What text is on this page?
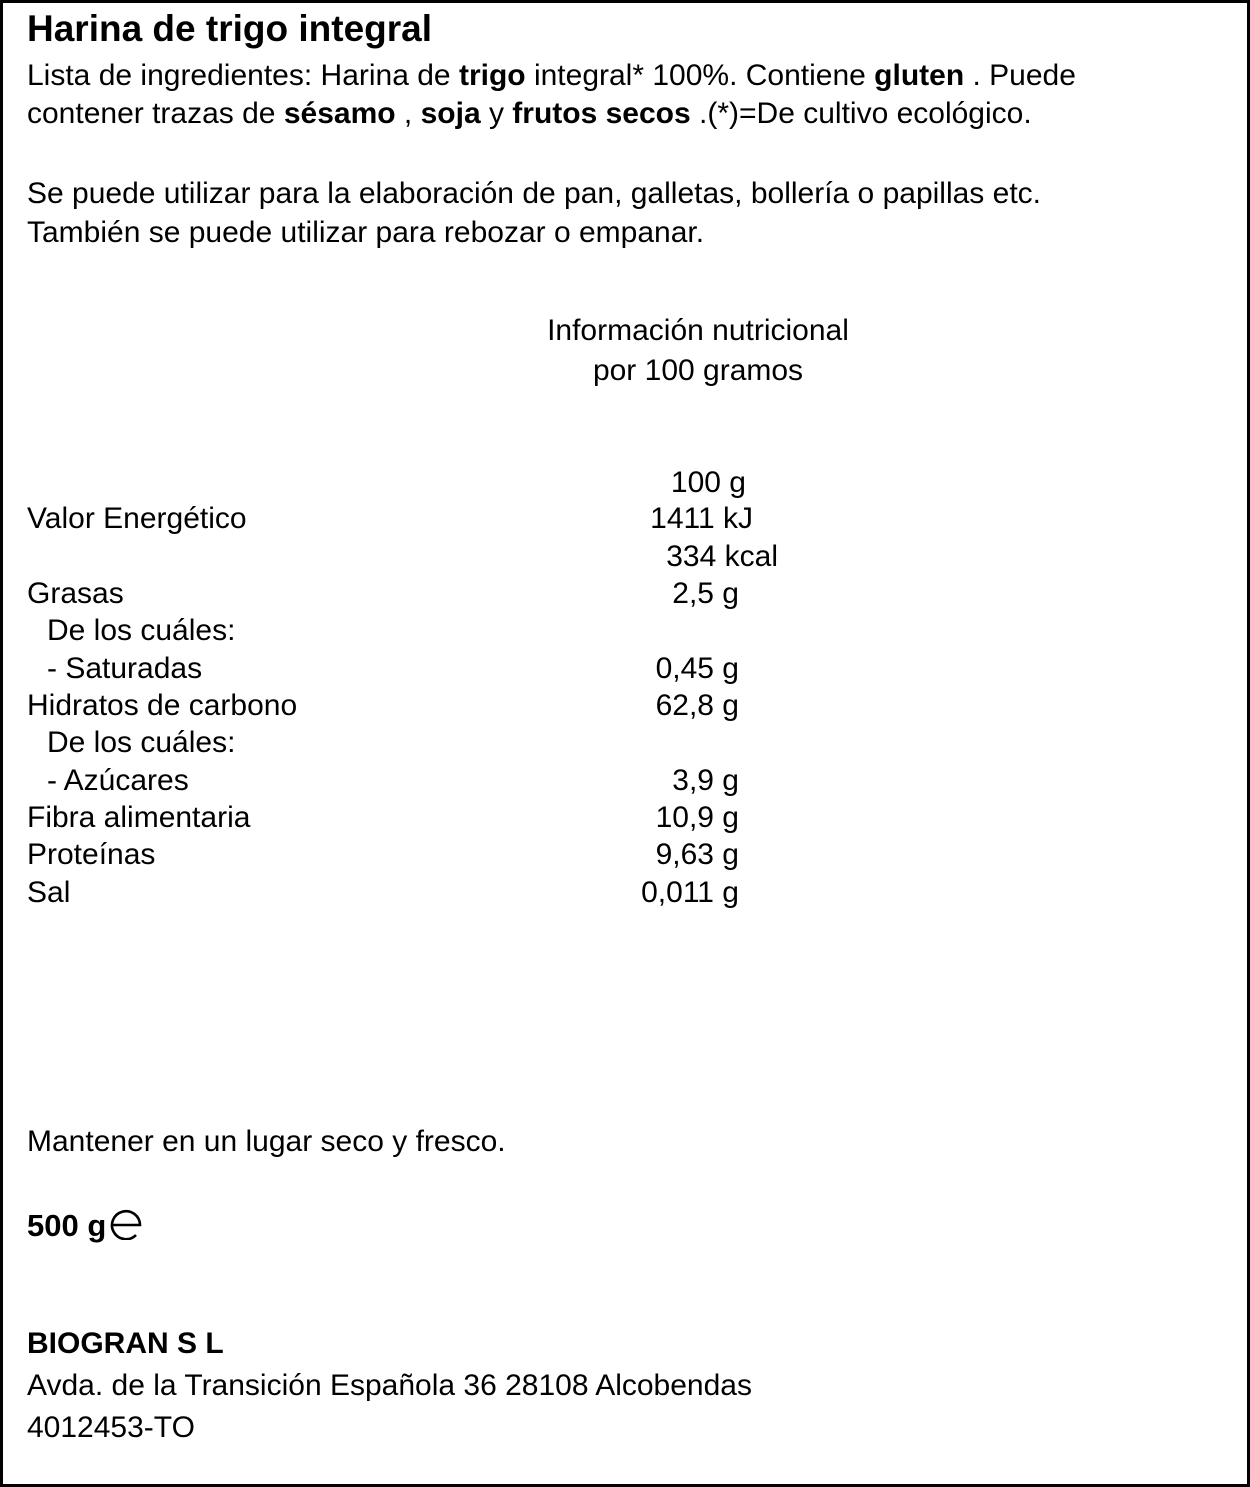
Harina de trigo integral
Lista de ingredientes: Harina de trigo integral* 100%. Contiene gluten . Puede
contener trazas de sésamo , soja y frutos secos .(*)=De cultivo ecológico.
Se puede utilizar para la elaboración de pan, galletas, bollería o papillas etc.
También se puede utilizar para rebozar o empanar.
Información nutricional
por 100 gramos
100 g
Valor Energético	1411 kJ
334 kcal
Grasas	2,5 g
De los cuáles:
- Saturadas	0,45 g
Hidratos de carbono	62,8 g
De los cuáles:
- Azúcares	3,9 g
Fibra alimentaria	10,9 g
Proteínas	9,63 g
Sal	0,011 g
Mantener en un lugar seco y fresco.
500 g
BIOGRAN S L
Avda. de la Transición Española 36 28108 Alcobendas
4012453-TO
